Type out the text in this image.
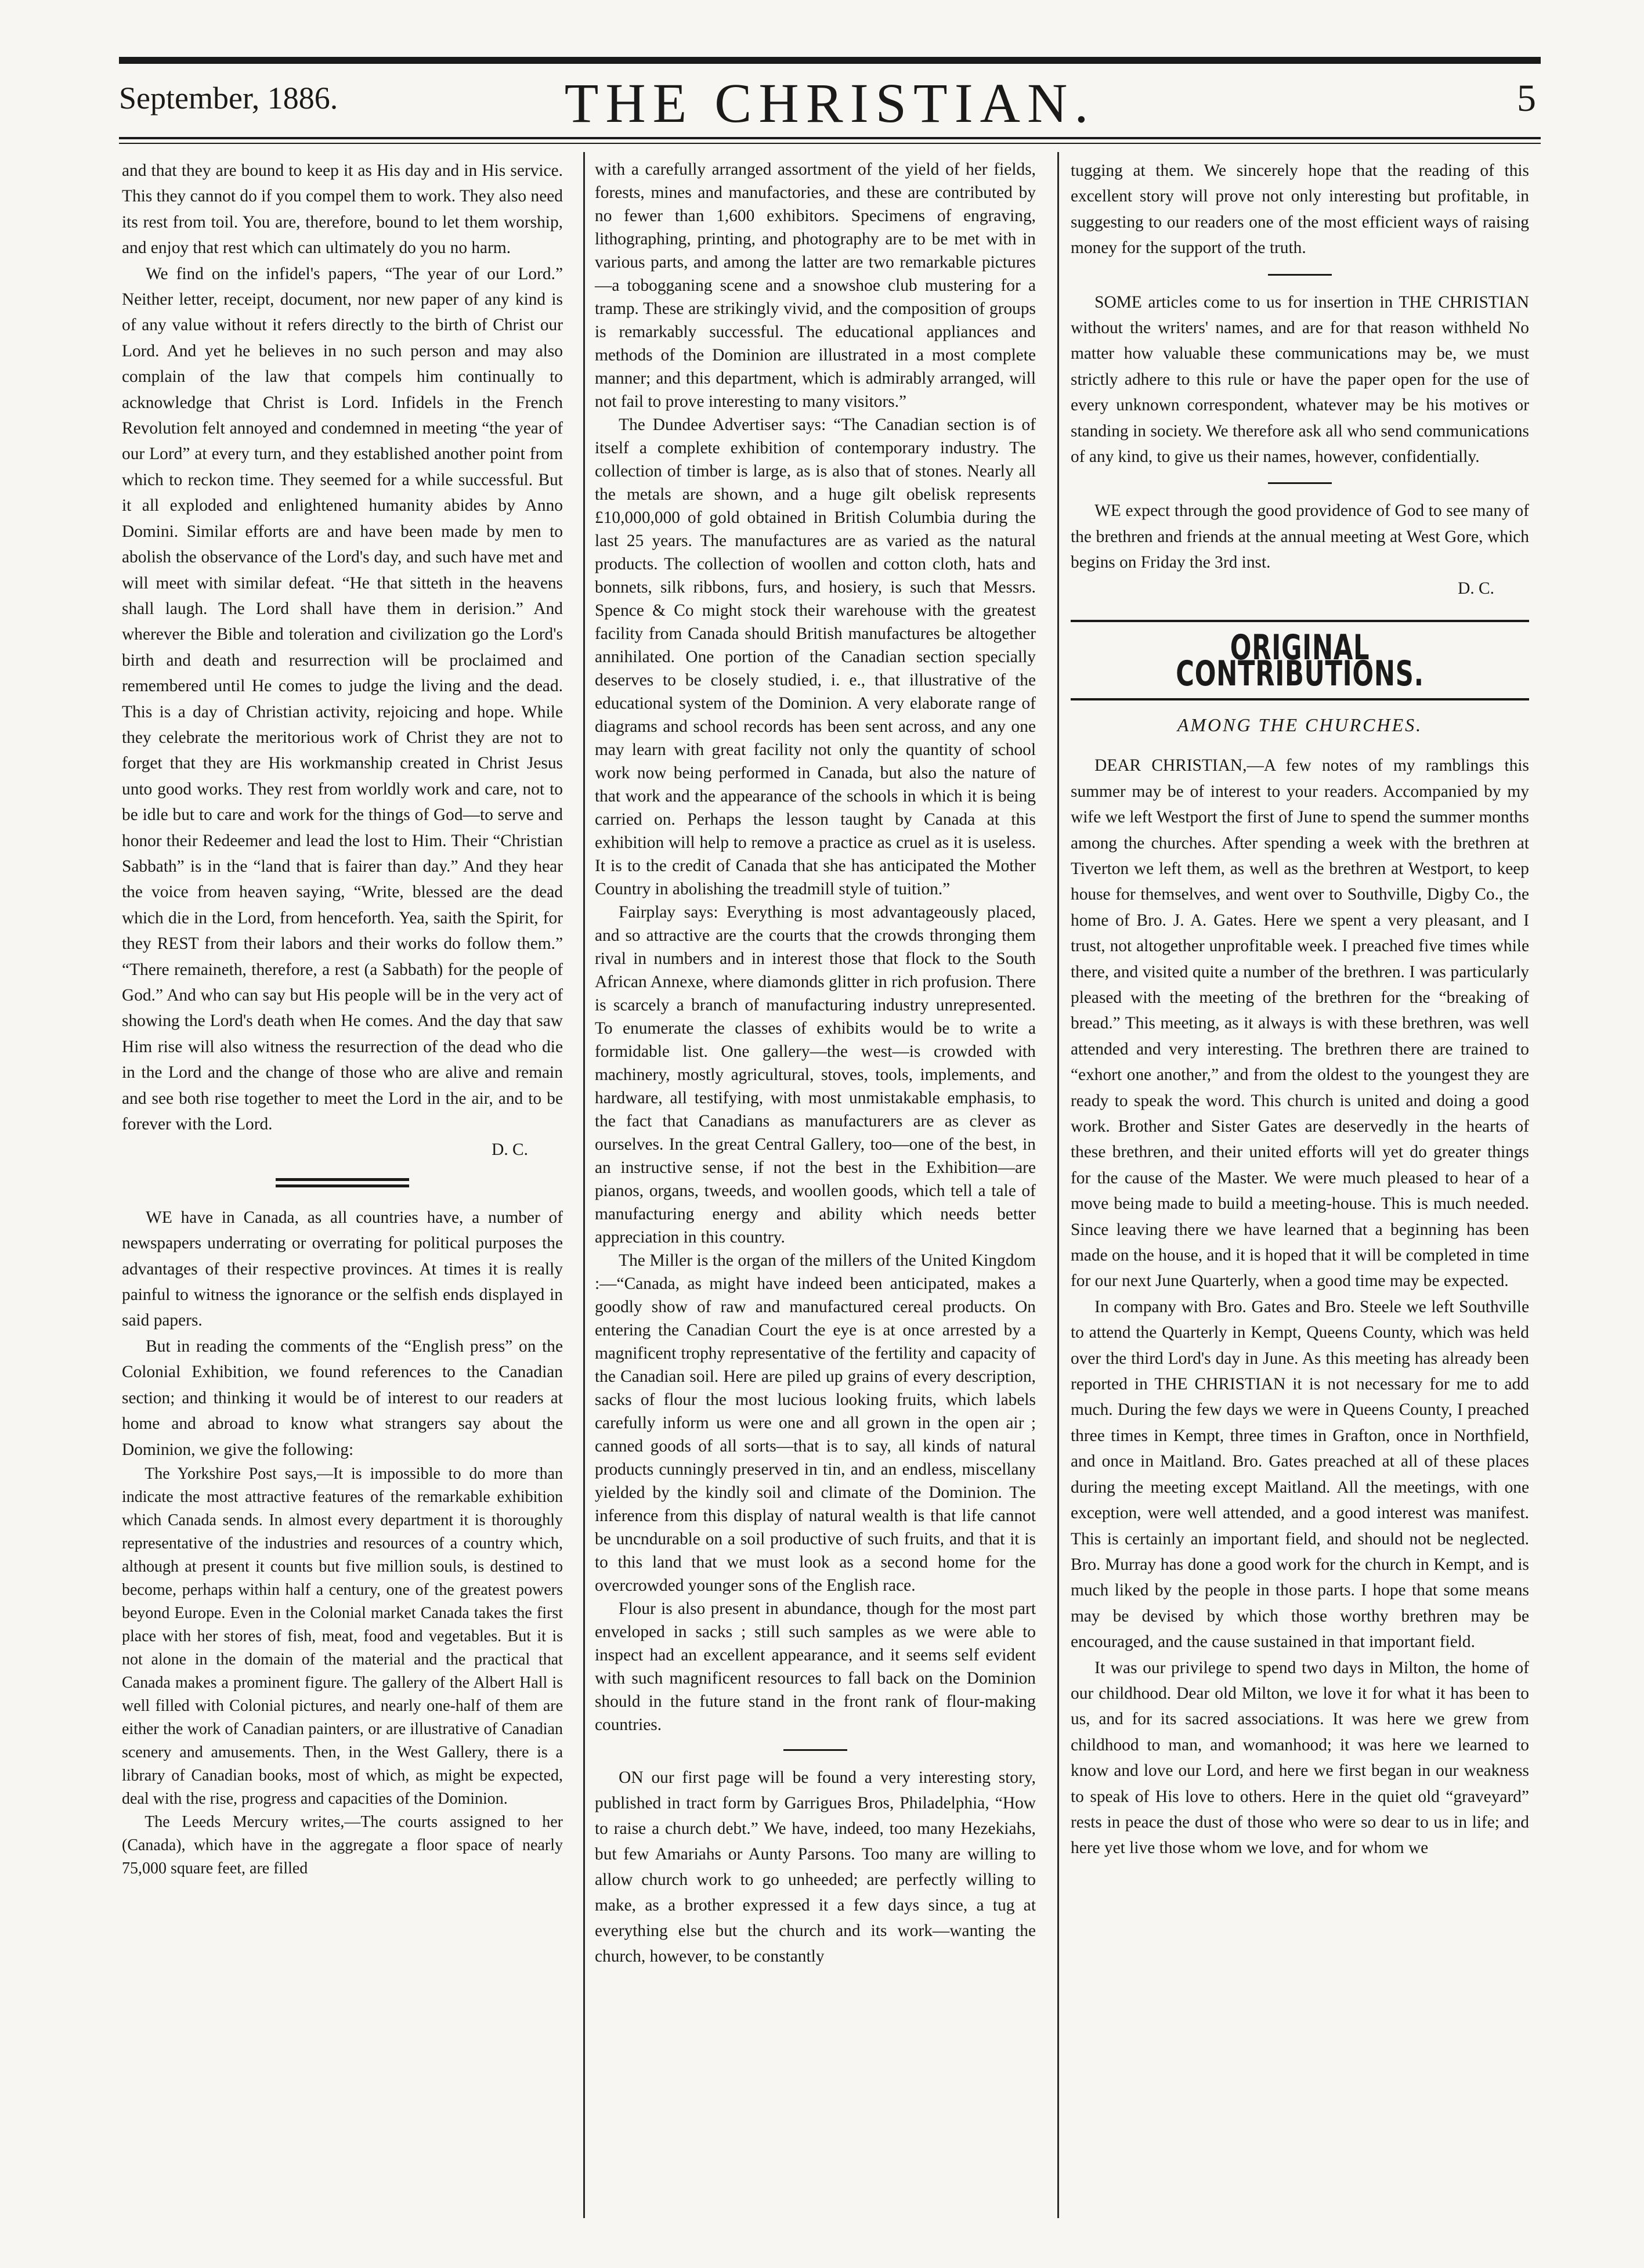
September, 1886.	THE CHRISTIAN.	5

and that they are bound to keep it as His day and in His service. This they cannot do if you compel them to work. They also need its rest from toil. You are, therefore, bound to let them worship, and enjoy that rest which can ultimately do you no harm.

We find on the infidel's papers, “The year of our Lord.” Neither letter, receipt, document, nor new paper of any kind is of any value without it refers directly to the birth of Christ our Lord. And yet he believes in no such person and may also complain of the law that compels him continually to acknowledge that Christ is Lord. Infidels in the French Revolution felt annoyed and condemned in meeting “the year of our Lord” at every turn, and they established another point from which to reckon time. They seemed for a while successful. But it all exploded and enlightened humanity abides by Anno Domini. Similar efforts are and have been made by men to abolish the observance of the Lord's day, and such have met and will meet with similar defeat. “He that sitteth in the heavens shall laugh. The Lord shall have them in derision.” And wherever the Bible and toleration and civilization go the Lord's birth and death and resurrection will be proclaimed and remembered until He comes to judge the living and the dead. This is a day of Christian activity, rejoicing and hope. While they celebrate the meritorious work of Christ they are not to forget that they are His workmanship created in Christ Jesus unto good works. They rest from worldly work and care, not to be idle but to care and work for the things of God—to serve and honor their Redeemer and lead the lost to Him. Their “Christian Sabbath” is in the “land that is fairer than day.” And they hear the voice from heaven saying, “Write, blessed are the dead which die in the Lord, from henceforth. Yea, saith the Spirit, for they REST from their labors and their works do follow them.” “There remaineth, therefore, a rest (a Sabbath) for the people of God.” And who can say but His people will be in the very act of showing the Lord's death when He comes. And the day that saw Him rise will also witness the resurrection of the dead who die in the Lord and the change of those who are alive and remain and see both rise together to meet the Lord in the air, and to be forever with the Lord.

D. C.

WE have in Canada, as all countries have, a number of newspapers underrating or overrating for political purposes the advantages of their respective provinces. At times it is really painful to witness the ignorance or the selfish ends displayed in said papers.

But in reading the comments of the “English press” on the Colonial Exhibition, we found references to the Canadian section; and thinking it would be of interest to our readers at home and abroad to know what strangers say about the Dominion, we give the following:

The Yorkshire Post says,—It is impossible to do more than indicate the most attractive features of the remarkable exhibition which Canada sends. In almost every department it is thoroughly representative of the industries and resources of a country which, although at present it counts but five million souls, is destined to become, perhaps within half a century, one of the greatest powers beyond Europe. Even in the Colonial market Canada takes the first place with her stores of fish, meat, food and vegetables. But it is not alone in the domain of the material and the practical that Canada makes a prominent figure. The gallery of the Albert Hall is well filled with Colonial pictures, and nearly one-half of them are either the work of Canadian painters, or are illustrative of Canadian scenery and amusements. Then, in the West Gallery, there is a library of Canadian books, most of which, as might be expected, deal with the rise, progress and capacities of the Dominion.

The Leeds Mercury writes,—The courts assigned to her (Canada), which have in the aggregate a floor space of nearly 75,000 square feet, are filled

with a carefully arranged assortment of the yield of her fields, forests, mines and manufactories, and these are contributed by no fewer than 1,600 exhibitors. Specimens of engraving, lithographing, printing, and photography are to be met with in various parts, and among the latter are two remarkable pictures—a tobogganing scene and a snowshoe club mustering for a tramp. These are strikingly vivid, and the composition of groups is remarkably successful. The educational appliances and methods of the Dominion are illustrated in a most complete manner; and this department, which is admirably arranged, will not fail to prove interesting to many visitors.”

The Dundee Advertiser says: “The Canadian section is of itself a complete exhibition of contemporary industry. The collection of timber is large, as is also that of stones. Nearly all the metals are shown, and a huge gilt obelisk represents £10,000,000 of gold obtained in British Columbia during the last 25 years. The manufactures are as varied as the natural products. The collection of woollen and cotton cloth, hats and bonnets, silk ribbons, furs, and hosiery, is such that Messrs. Spence & Co might stock their warehouse with the greatest facility from Canada should British manufactures be altogether annihilated. One portion of the Canadian section specially deserves to be closely studied, i. e., that illustrative of the educational system of the Dominion. A very elaborate range of diagrams and school records has been sent across, and any one may learn with great facility not only the quantity of school work now being performed in Canada, but also the nature of that work and the appearance of the schools in which it is being carried on. Perhaps the lesson taught by Canada at this exhibition will help to remove a practice as cruel as it is useless. It is to the credit of Canada that she has anticipated the Mother Country in abolishing the treadmill style of tuition.”

Fairplay says: Everything is most advantageously placed, and so attractive are the courts that the crowds thronging them rival in numbers and in interest those that flock to the South African Annexe, where diamonds glitter in rich profusion. There is scarcely a branch of manufacturing industry unrepresented. To enumerate the classes of exhibits would be to write a formidable list. One gallery—the west—is crowded with machinery, mostly agricultural, stoves, tools, implements, and hardware, all testifying, with most unmistakable emphasis, to the fact that Canadians as manufacturers are as clever as ourselves. In the great Central Gallery, too—one of the best, in an instructive sense, if not the best in the Exhibition—are pianos, organs, tweeds, and woollen goods, which tell a tale of manufacturing energy and ability which needs better appreciation in this country.

The Miller is the organ of the millers of the United Kingdom :—“Canada, as might have indeed been anticipated, makes a goodly show of raw and manufactured cereal products. On entering the Canadian Court the eye is at once arrested by a magnificent trophy representative of the fertility and capacity of the Canadian soil. Here are piled up grains of every description, sacks of flour the most lucious looking fruits, which labels carefully inform us were one and all grown in the open air ; canned goods of all sorts—that is to say, all kinds of natural products cunningly preserved in tin, and an endless, miscellany yielded by the kindly soil and climate of the Dominion. The inference from this display of natural wealth is that life cannot be uncndurable on a soil productive of such fruits, and that it is to this land that we must look as a second home for the overcrowded younger sons of the English race.

Flour is also present in abundance, though for the most part enveloped in sacks ; still such samples as we were able to inspect had an excellent appearance, and it seems self evident with such magnificent resources to fall back on the Dominion should in the future stand in the front rank of flour-making countries.

ON our first page will be found a very interesting story, published in tract form by Garrigues Bros, Philadelphia, “How to raise a church debt.” We have, indeed, too many Hezekiahs, but few Amariahs or Aunty Parsons. Too many are willing to allow church work to go unheeded; are perfectly willing to make, as a brother expressed it a few days since, a tug at everything else but the church and its work—wanting the church, however, to be constantly

tugging at them. We sincerely hope that the reading of this excellent story will prove not only interesting but profitable, in suggesting to our readers one of the most efficient ways of raising money for the support of the truth.

SOME articles come to us for insertion in THE CHRISTIAN without the writers' names, and are for that reason withheld No matter how valuable these communications may be, we must strictly adhere to this rule or have the paper open for the use of every unknown correspondent, whatever may be his motives or standing in society. We therefore ask all who send communications of any kind, to give us their names, however, confidentially.

WE expect through the good providence of God to see many of the brethren and friends at the annual meeting at West Gore, which begins on Friday the 3rd inst.

D. C.
ORIGINAL CONTRIBUTIONS.
AMONG THE CHURCHES.

DEAR CHRISTIAN,—A few notes of my ramblings this summer may be of interest to your readers. Accompanied by my wife we left Westport the first of June to spend the summer months among the churches. After spending a week with the brethren at Tiverton we left them, as well as the brethren at Westport, to keep house for themselves, and went over to Southville, Digby Co., the home of Bro. J. A. Gates. Here we spent a very pleasant, and I trust, not altogether unprofitable week. I preached five times while there, and visited quite a number of the brethren. I was particularly pleased with the meeting of the brethren for the “breaking of bread.” This meeting, as it always is with these brethren, was well attended and very interesting. The brethren there are trained to “exhort one another,” and from the oldest to the youngest they are ready to speak the word. This church is united and doing a good work. Brother and Sister Gates are deservedly in the hearts of these brethren, and their united efforts will yet do greater things for the cause of the Master. We were much pleased to hear of a move being made to build a meeting-house. This is much needed. Since leaving there we have learned that a beginning has been made on the house, and it is hoped that it will be completed in time for our next June Quarterly, when a good time may be expected.

In company with Bro. Gates and Bro. Steele we left Southville to attend the Quarterly in Kempt, Queens County, which was held over the third Lord's day in June. As this meeting has already been reported in THE CHRISTIAN it is not necessary for me to add much. During the few days we were in Queens County, I preached three times in Kempt, three times in Grafton, once in Northfield, and once in Maitland. Bro. Gates preached at all of these places during the meeting except Maitland. All the meetings, with one exception, were well attended, and a good interest was manifest. This is certainly an important field, and should not be neglected. Bro. Murray has done a good work for the church in Kempt, and is much liked by the people in those parts. I hope that some means may be devised by which those worthy brethren may be encouraged, and the cause sustained in that important field.

It was our privilege to spend two days in Milton, the home of our childhood. Dear old Milton, we love it for what it has been to us, and for its sacred associations. It was here we grew from childhood to man, and womanhood; it was here we learned to know and love our Lord, and here we first began in our weakness to speak of His love to others. Here in the quiet old “graveyard” rests in peace the dust of those who were so dear to us in life; and here yet live those whom we love, and for whom we
